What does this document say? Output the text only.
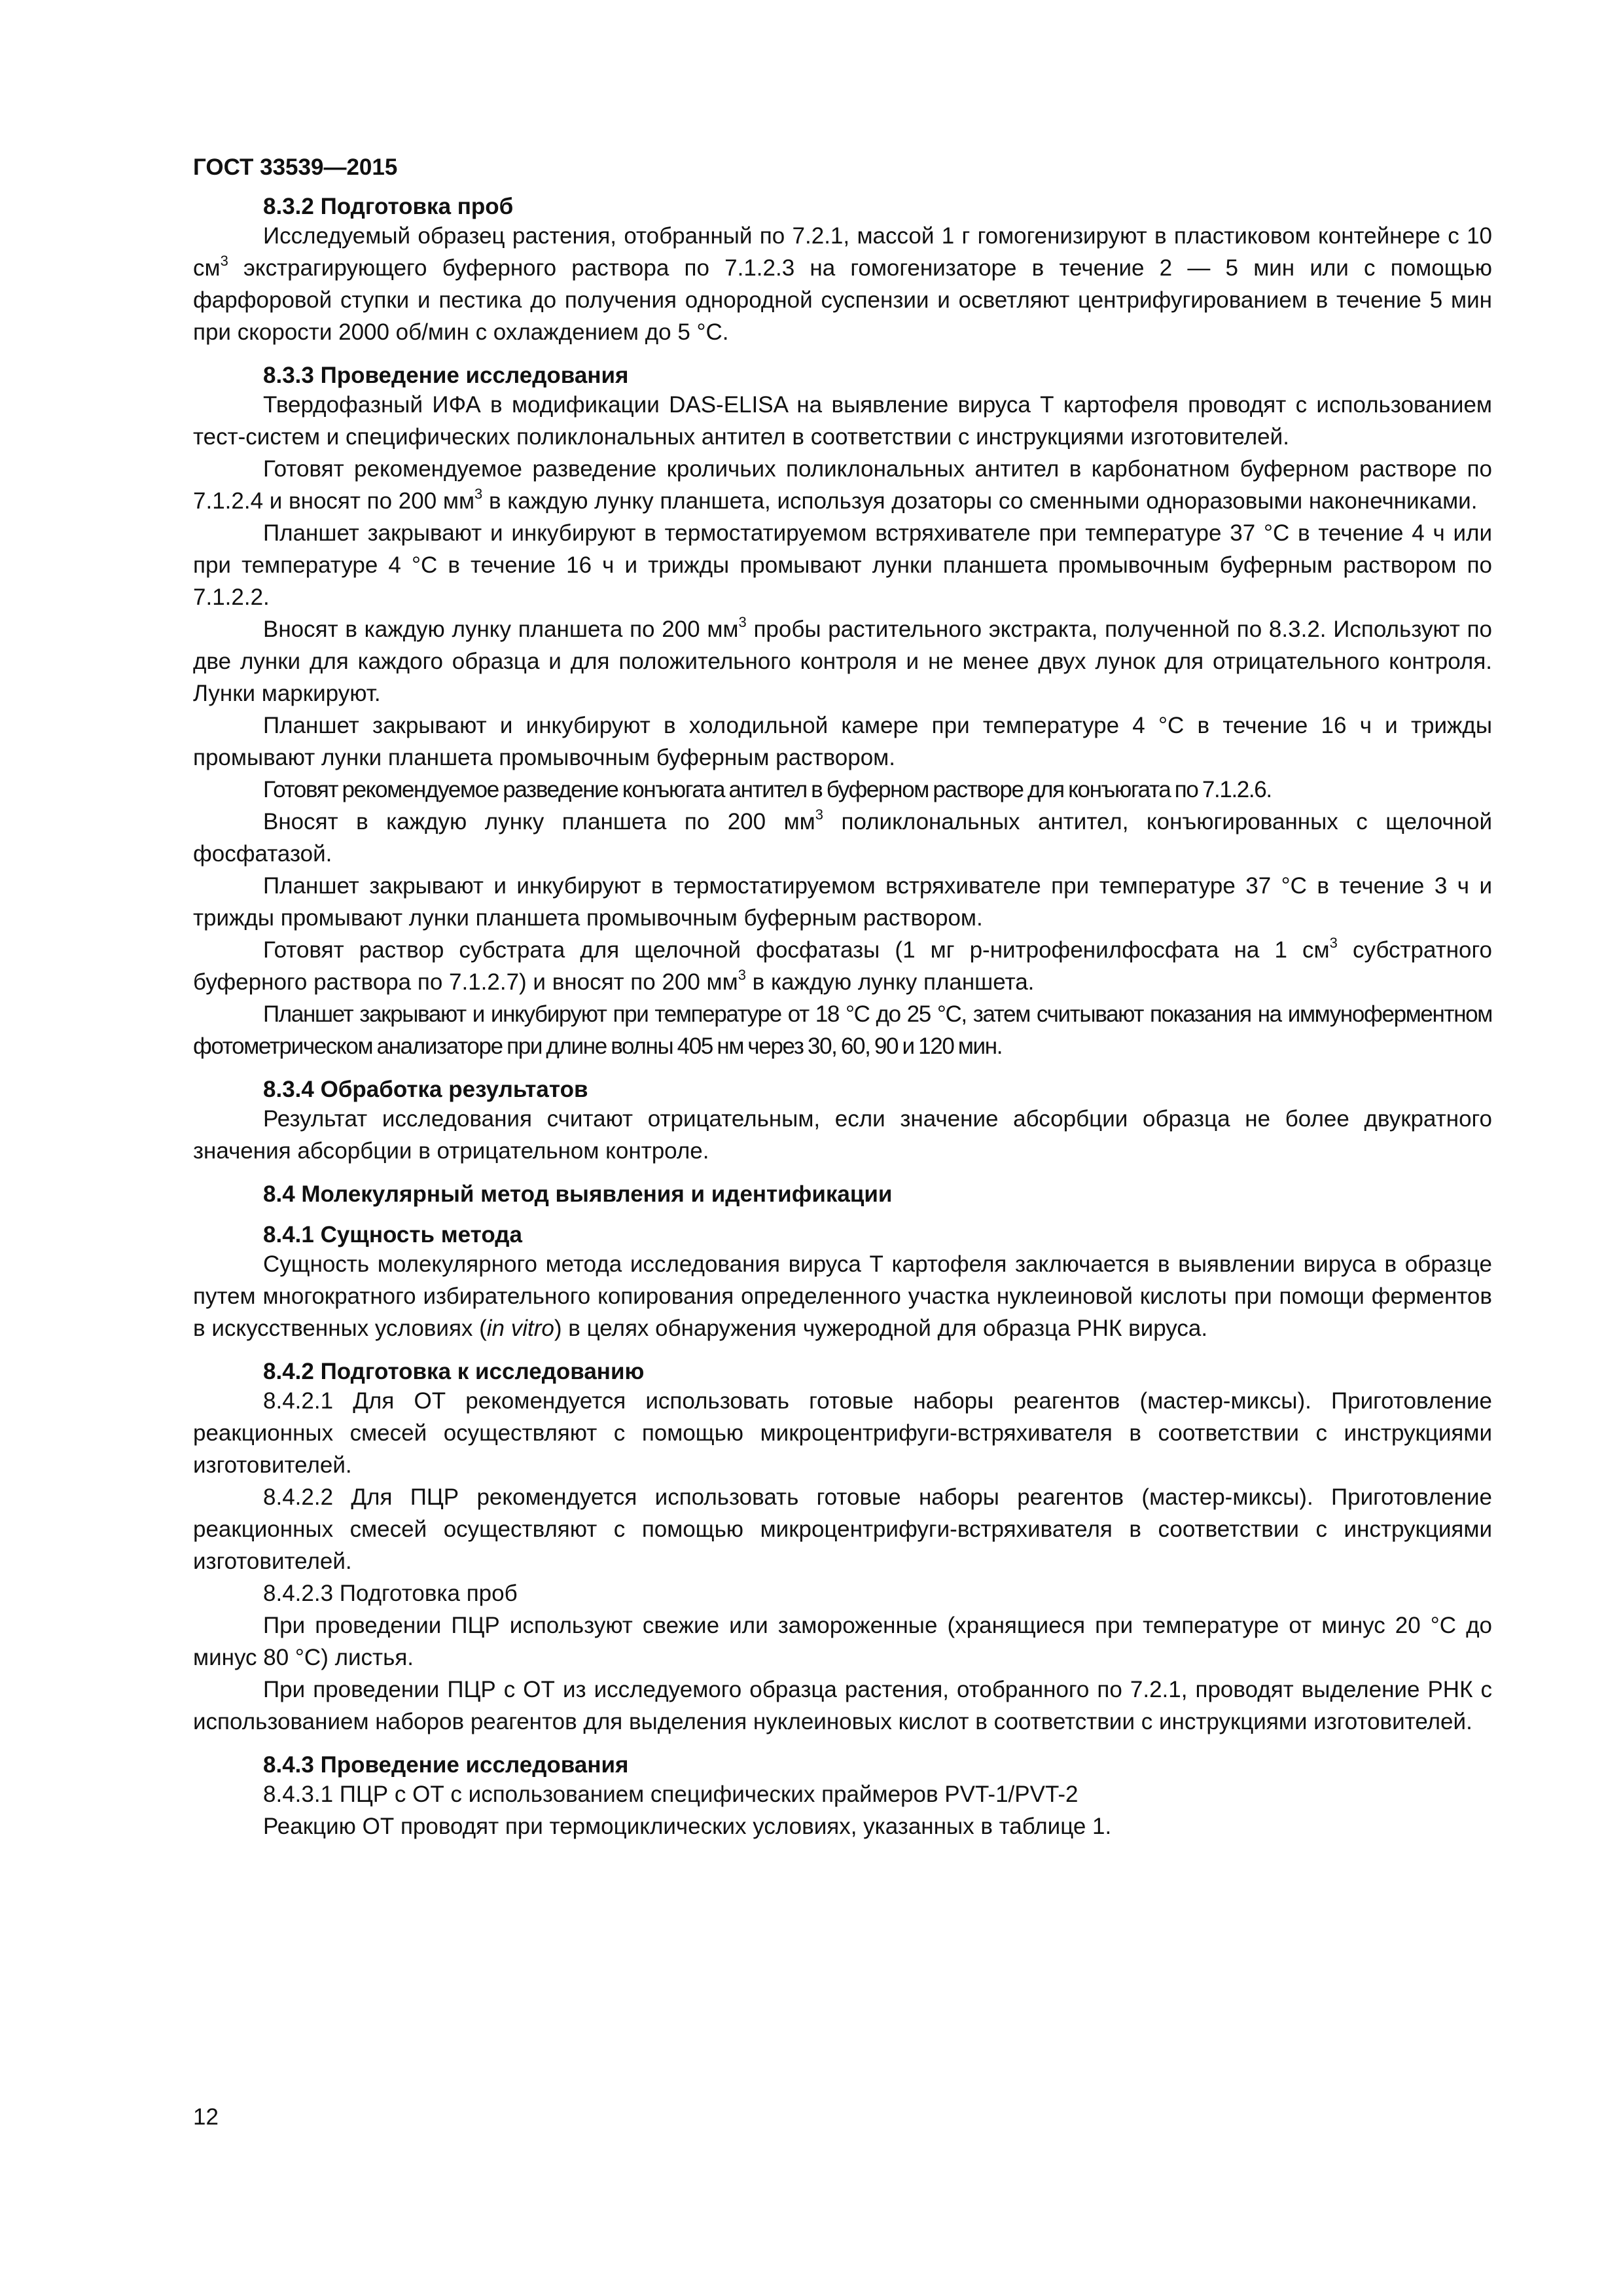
ГОСТ 33539—2015
8.3.2 Подготовка проб

Исследуемый образец растения, отобранный по 7.2.1, массой 1 г гомогенизируют в пластиковом контейнере с 10 $см^3$ экстрагирующего буферного раствора по 7.1.2.3 на гомогенизаторе в течение 2 — 5 мин или с помощью фарфоровой ступки и пестика до получения однородной суспензии и осветляют центрифугированием в течение 5 мин при скорости 2000 об/мин с охлаждением до 5 °С.

8.3.3 Проведение исследования

Твердофазный ИФА в модификации DAS-ELISA на выявление вируса Т картофеля проводят с использованием тест-систем и специфических поликлональных антител в соответствии с инструкциями изготовителей.

Готовят рекомендуемое разведение кроличьих поликлональных антител в карбонатном буферном растворе по 7.1.2.4 и вносят по 200 $мм^3$ в каждую лунку планшета, используя дозаторы со сменными одноразовыми наконечниками.

Планшет закрывают и инкубируют в термостатируемом встряхивателе при температуре 37 °С в течение 4 ч или при температуре 4 °С в течение 16 ч и трижды промывают лунки планшета промывочным буферным раствором по 7.1.2.2.

Вносят в каждую лунку планшета по 200 $мм^3$ пробы растительного экстракта, полученной по 8.3.2. Используют по две лунки для каждого образца и для положительного контроля и не менее двух лунок для отрицательного контроля. Лунки маркируют.

Планшет закрывают и инкубируют в холодильной камере при температуре 4 °С в течение 16 ч и трижды промывают лунки планшета промывочным буферным раствором.

Готовят рекомендуемое разведение конъюгата антител в буферном растворе для конъюгата по 7.1.2.6.

Вносят в каждую лунку планшета по 200 $мм^3$ поликлональных антител, конъюгированных с щелочной фосфатазой.

Планшет закрывают и инкубируют в термостатируемом встряхивателе при температуре 37 °С в течение 3 ч и трижды промывают лунки планшета промывочным буферным раствором.

Готовят раствор субстрата для щелочной фосфатазы (1 мг р-нитрофенилфосфата на 1 $см^3$ субстратного буферного раствора по 7.1.2.7) и вносят по 200 $мм^3$ в каждую лунку планшета.

Планшет закрывают и инкубируют при температуре от 18 °С до 25 °С, затем считывают показания на иммуноферментном фотометрическом анализаторе при длине волны 405 нм через 30, 60, 90 и 120 мин.

8.3.4 Обработка результатов

Результат исследования считают отрицательным, если значение абсорбции образца не более двукратного значения абсорбции в отрицательном контроле.

8.4 Молекулярный метод выявления и идентификации
8.4.1 Сущность метода

Сущность молекулярного метода исследования вируса Т картофеля заключается в выявлении вируса в образце путем многократного избирательного копирования определенного участка нуклеиновой кислоты при помощи ферментов в искусственных условиях (in vitro) в целях обнаружения чужеродной для образца РНК вируса.

8.4.2 Подготовка к исследованию

8.4.2.1 Для ОТ рекомендуется использовать готовые наборы реагентов (мастер-миксы). Приготовление реакционных смесей осуществляют с помощью микроцентрифуги-встряхивателя в соответствии с инструкциями изготовителей.

8.4.2.2 Для ПЦР рекомендуется использовать готовые наборы реагентов (мастер-миксы). Приготовление реакционных смесей осуществляют с помощью микроцентрифуги-встряхивателя в соответствии с инструкциями изготовителей.

8.4.2.3 Подготовка проб

При проведении ПЦР используют свежие или замороженные (хранящиеся при температуре от минус 20 °С до минус 80 °С) листья.

При проведении ПЦР с ОТ из исследуемого образца растения, отобранного по 7.2.1, проводят выделение РНК с использованием наборов реагентов для выделения нуклеиновых кислот в соответствии с инструкциями изготовителей.

8.4.3 Проведение исследования

8.4.3.1 ПЦР с ОТ с использованием специфических праймеров PVT-1/PVT-2

Реакцию ОТ проводят при термоциклических условиях, указанных в таблице 1.

12
